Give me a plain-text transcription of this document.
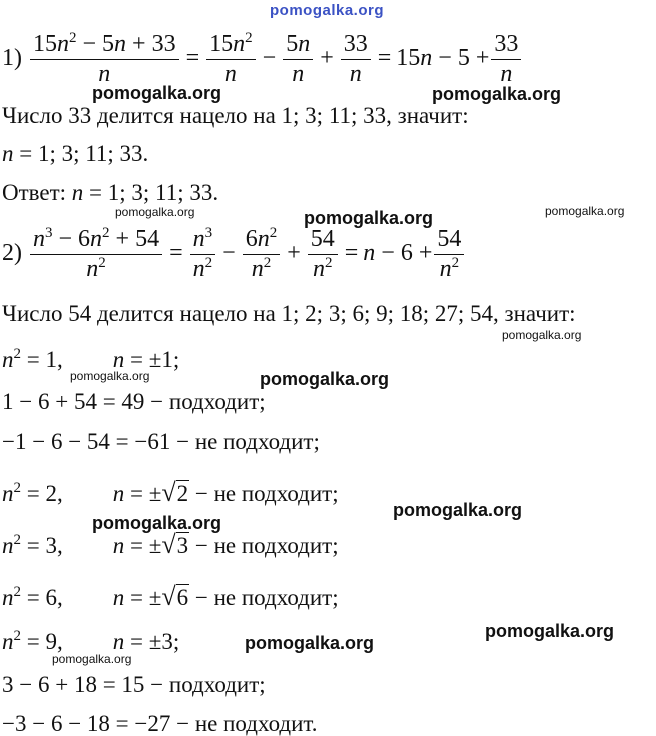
pomogalka.org
$1) \frac{15n^2 - 5n + 33}{n} = \frac{15n^2}{n} - \frac{5n}{n} + \frac{33}{n} = 15n - 5 + \frac{33}{n}$
Число 33 делится нацело на 1; 3; 11; 33, значит:
n = 1; 3; 11; 33.
Ответ: n = 1; 3; 11; 33.
$2) \frac{n^3 - 6n^2 + 54}{n^2} = \frac{n^3}{n^2} - \frac{6n^2}{n^2} + \frac{54}{n^2} = n - 6 + \frac{54}{n^2}$
Число 54 делится нацело на 1; 2; 3; 6; 9; 18; 27; 54, значит:
$n^2 = 1$, n = ±1;
1 − 6 + 54 = 49 − подходит;
−1 − 6 − 54 = −61 − не подходит;
$n^2 = 2$, n = ±√2 − не подходит;
$n^2 = 3$, n = ±√3 − не подходит;
$n^2 = 6$, n = ±√6 − не подходит;
$n^2 = 9$, n = ±3;
3 − 6 + 18 = 15 − подходит;
−3 − 6 − 18 = −27 − не подходит.
pomogalka.org	pomogalka.org
pomogalka.org	pomogalka.org	pomogalka.org
pomogalka.org
pomogalka.org	pomogalka.org
pomogalka.org
pomogalka.org
pomogalka.org
pomogalka.org
pomogalka.org
